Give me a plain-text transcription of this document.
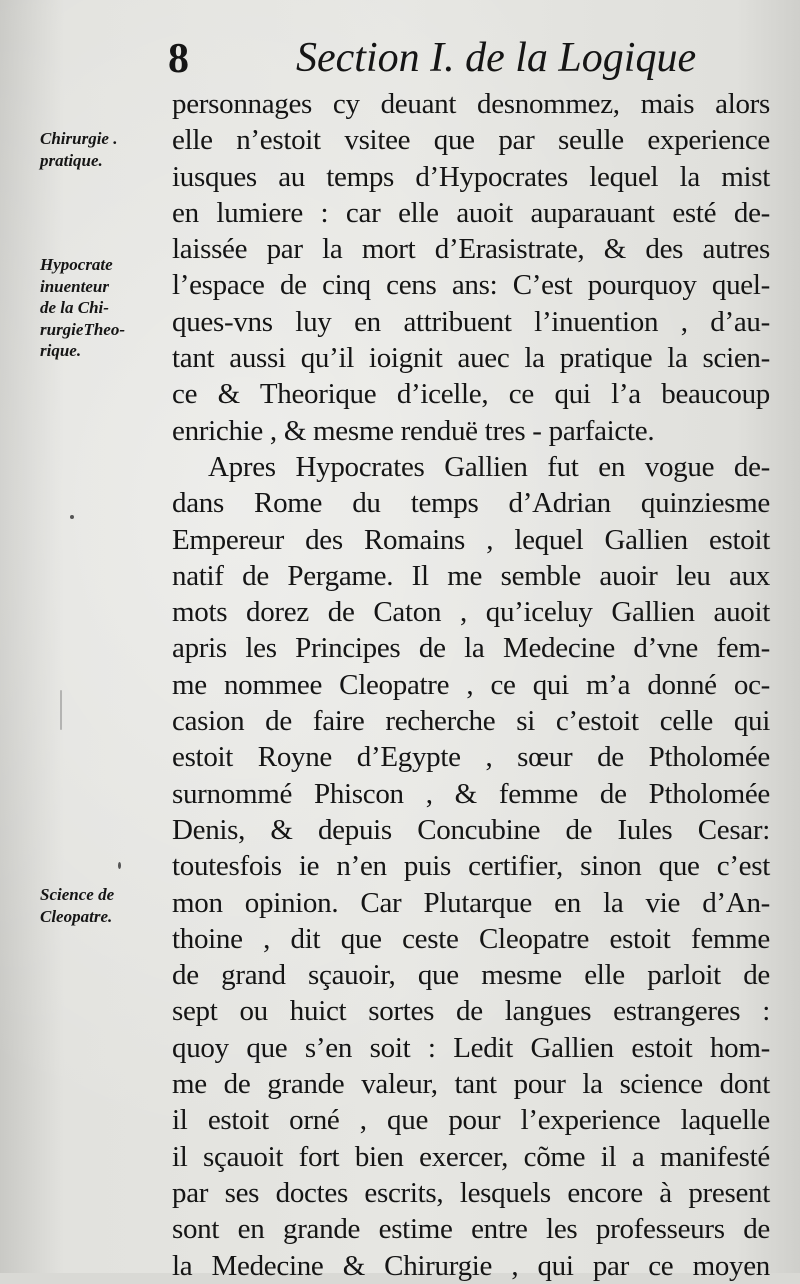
8	Section I. de la Logique
Chirurgie .
pratique.
Hypocrate
inuenteur
de la Chi-
rurgieTheo-
rique.
Science de
Cleopatre.
personnages cy deuant desnommez, mais alors
elle n’estoit vsitee que par seulle experience
iusques au temps d’Hypocrates lequel la mist
en lumiere : car elle auoit auparauant esté de-
laissée par la mort d’Erasistrate, & des autres
l’espace de cinq cens ans: C’est pourquoy quel-
ques-vns luy en attribuent l’inuention , d’au-
tant aussi qu’il ioignit auec la pratique la scien-
ce & Theorique d’icelle, ce qui l’a beaucoup
enrichie , & mesme renduë tres - parfaicte.
Apres Hypocrates Gallien fut en vogue de-
dans Rome du temps d’Adrian quinziesme
Empereur des Romains , lequel Gallien estoit
natif de Pergame. Il me semble auoir leu aux
mots dorez de Caton , qu’iceluy Gallien auoit
apris les Principes de la Medecine d’vne fem-
me nommee Cleopatre , ce qui m’a donné oc-
casion de faire recherche si c’estoit celle qui
estoit Royne d’Egypte , sœur de Ptholomée
surnommé Phiscon , & femme de Ptholomée
Denis, & depuis Concubine de Iules Cesar:
toutesfois ie n’en puis certifier, sinon que c’est
mon opinion. Car Plutarque en la vie d’An-
thoine , dit que ceste Cleopatre estoit femme
de grand sçauoir, que mesme elle parloit de
sept ou huict sortes de langues estrangeres :
quoy que s’en soit : Ledit Gallien estoit hom-
me de grande valeur, tant pour la science dont
il estoit orné , que pour l’experience laquelle
il sçauoit fort bien exercer, cõme il a manifesté
par ses doctes escrits, lesquels encore à present
sont en grande estime entre les professeurs de
la Medecine & Chirurgie , qui par ce moyen
